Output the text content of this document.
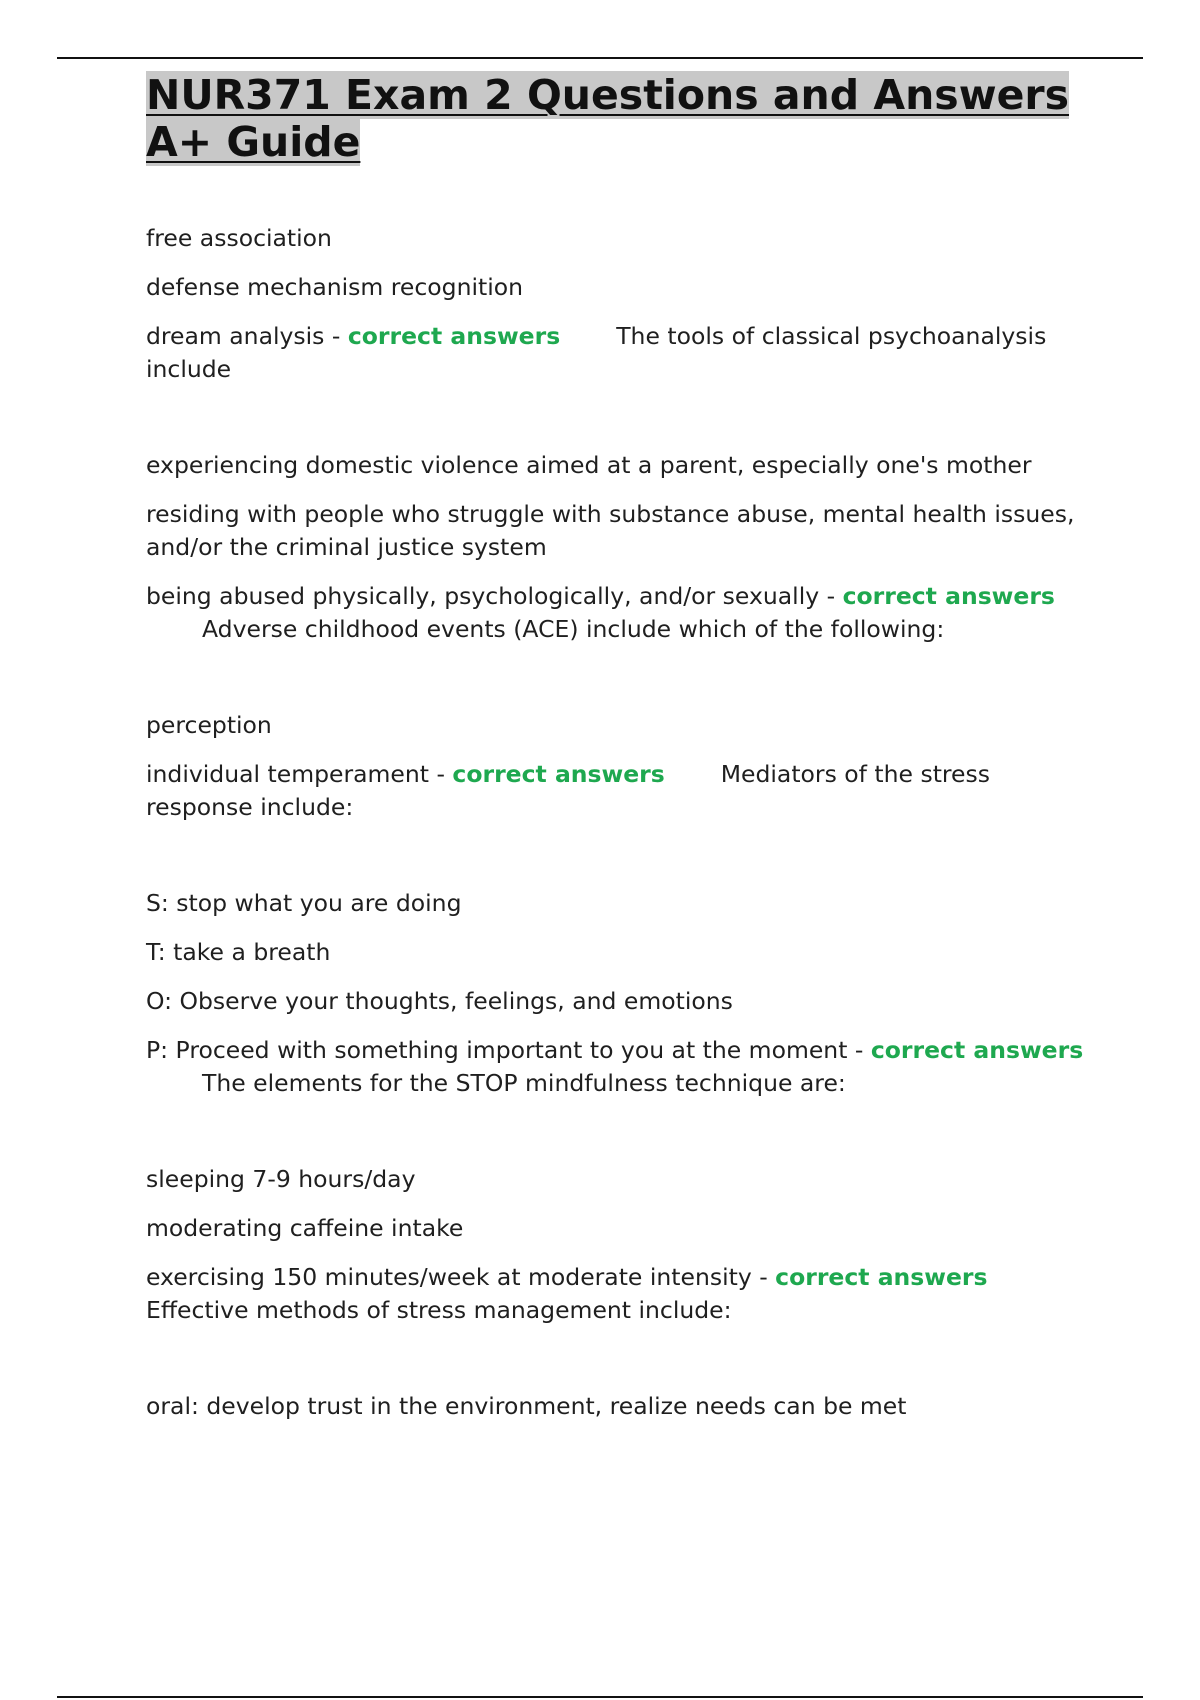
NUR371 Exam 2 Questions and Answers A+ Guide

free association

defense mechanism recognition

dream analysis - correct answers The tools of classical psychoanalysis include

experiencing domestic violence aimed at a parent, especially one's mother

residing with people who struggle with substance abuse, mental health issues, and/or the criminal justice system

being abused physically, psychologically, and/or sexually - correct answersAdverse childhood events (ACE) include which of the following:

perception

individual temperament - correct answers Mediators of the stress response include:

S: stop what you are doing

T: take a breath

O: Observe your thoughts, feelings, and emotions

P: Proceed with something important to you at the moment - correct answersThe elements for the STOP mindfulness technique are:

sleeping 7-9 hours/day

moderating caffeine intake

exercising 150 minutes/week at moderate intensity - correct answersEffective methods of stress management include:

oral: develop trust in the environment, realize needs can be met
